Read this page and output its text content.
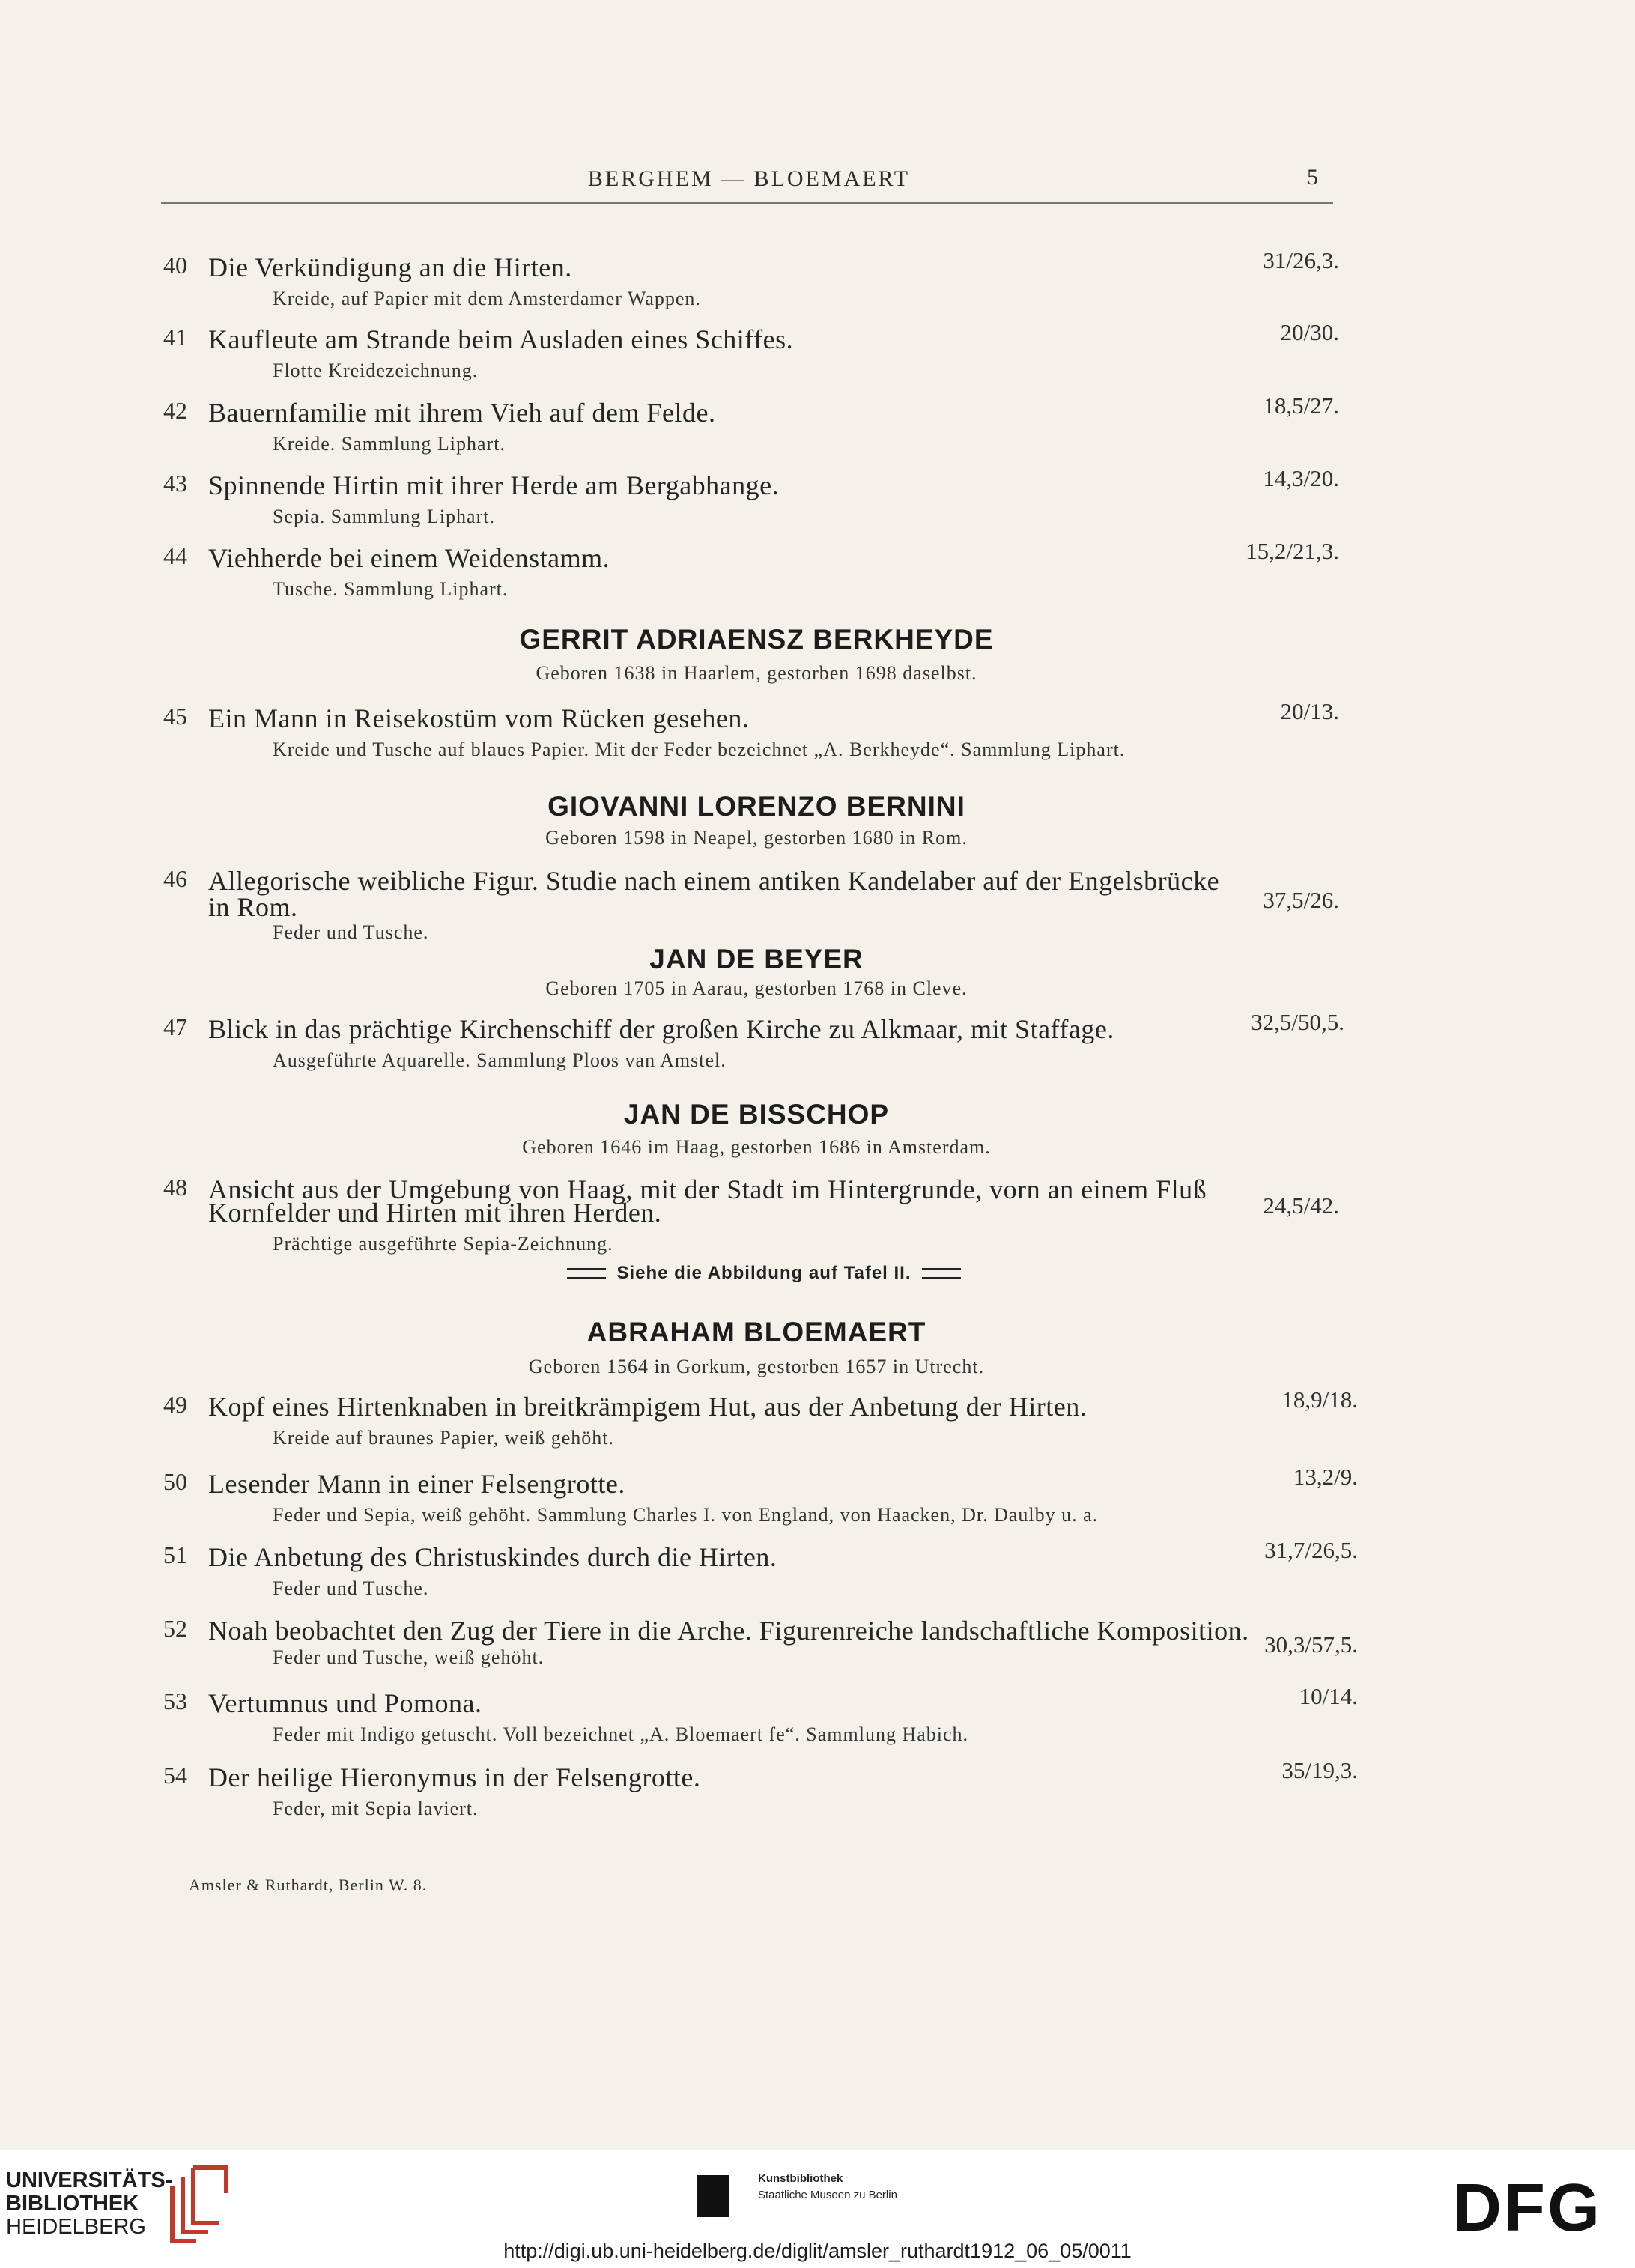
BERGHEM — BLOEMAERT	5
40 Die Verkündigung an die Hirten.	31/26,3.
Kreide, auf Papier mit dem Amsterdamer Wappen.
41 Kaufleute am Strande beim Ausladen eines Schiffes.	20/30.
Flotte Kreidezeichnung.
42 Bauernfamilie mit ihrem Vieh auf dem Felde.	18,5/27.
Kreide. Sammlung Liphart.
43 Spinnende Hirtin mit ihrer Herde am Bergabhange.	14,3/20.
Sepia. Sammlung Liphart.
44 Viehherde bei einem Weidenstamm.	15,2/21,3.
Tusche. Sammlung Liphart.
GERRIT ADRIAENSZ BERKHEYDE
Geboren 1638 in Haarlem, gestorben 1698 daselbst.
45 Ein Mann in Reisekostüm vom Rücken gesehen.	20/13.
Kreide und Tusche auf blaues Papier. Mit der Feder bezeichnet „A. Berkheyde“. Sammlung Liphart.
GIOVANNI LORENZO BERNINI
Geboren 1598 in Neapel, gestorben 1680 in Rom.
46 Allegorische weibliche Figur. Studie nach einem antiken Kandelaber auf der Engelsbrücke
in Rom.	37,5/26.
Feder und Tusche.
JAN DE BEYER
Geboren 1705 in Aarau, gestorben 1768 in Cleve.
47 Blick in das prächtige Kirchenschiff der großen Kirche zu Alkmaar, mit Staffage.	32,5/50,5.
Ausgeführte Aquarelle. Sammlung Ploos van Amstel.
JAN DE BISSCHOP
Geboren 1646 im Haag, gestorben 1686 in Amsterdam.
48 Ansicht aus der Umgebung von Haag, mit der Stadt im Hintergrunde, vorn an einem Fluß
Kornfelder und Hirten mit ihren Herden.	24,5/42.
Prächtige ausgeführte Sepia-Zeichnung.
Siehe die Abbildung auf Tafel II.
ABRAHAM BLOEMAERT
Geboren 1564 in Gorkum, gestorben 1657 in Utrecht.
49 Kopf eines Hirtenknaben in breitkrämpigem Hut, aus der Anbetung der Hirten.	18,9/18.
Kreide auf braunes Papier, weiß gehöht.
50 Lesender Mann in einer Felsengrotte.	13,2/9.
Feder und Sepia, weiß gehöht. Sammlung Charles I. von England, von Haacken, Dr. Daulby u. a.
51 Die Anbetung des Christuskindes durch die Hirten.	31,7/26,5.
Feder und Tusche.
52 Noah beobachtet den Zug der Tiere in die Arche. Figurenreiche landschaftliche Komposition. 30,3/57,5.
Feder und Tusche, weiß gehöht.
53 Vertumnus und Pomona.	10/14.
Feder mit Indigo getuscht. Voll bezeichnet „A. Bloemaert fe“. Sammlung Habich.
54 Der heilige Hieronymus in der Felsengrotte.	35/19,3.
Feder, mit Sepia laviert.
Amsler & Ruthardt, Berlin W. 8.
UNIVERSITÄTS-
BIBLIOTHEK
HEIDELBERG
Kunstbibliothek
Staatliche Museen zu Berlin	DFG
http://digi.ub.uni-heidelberg.de/diglit/amsler_ruthardt1912_06_05/0011
